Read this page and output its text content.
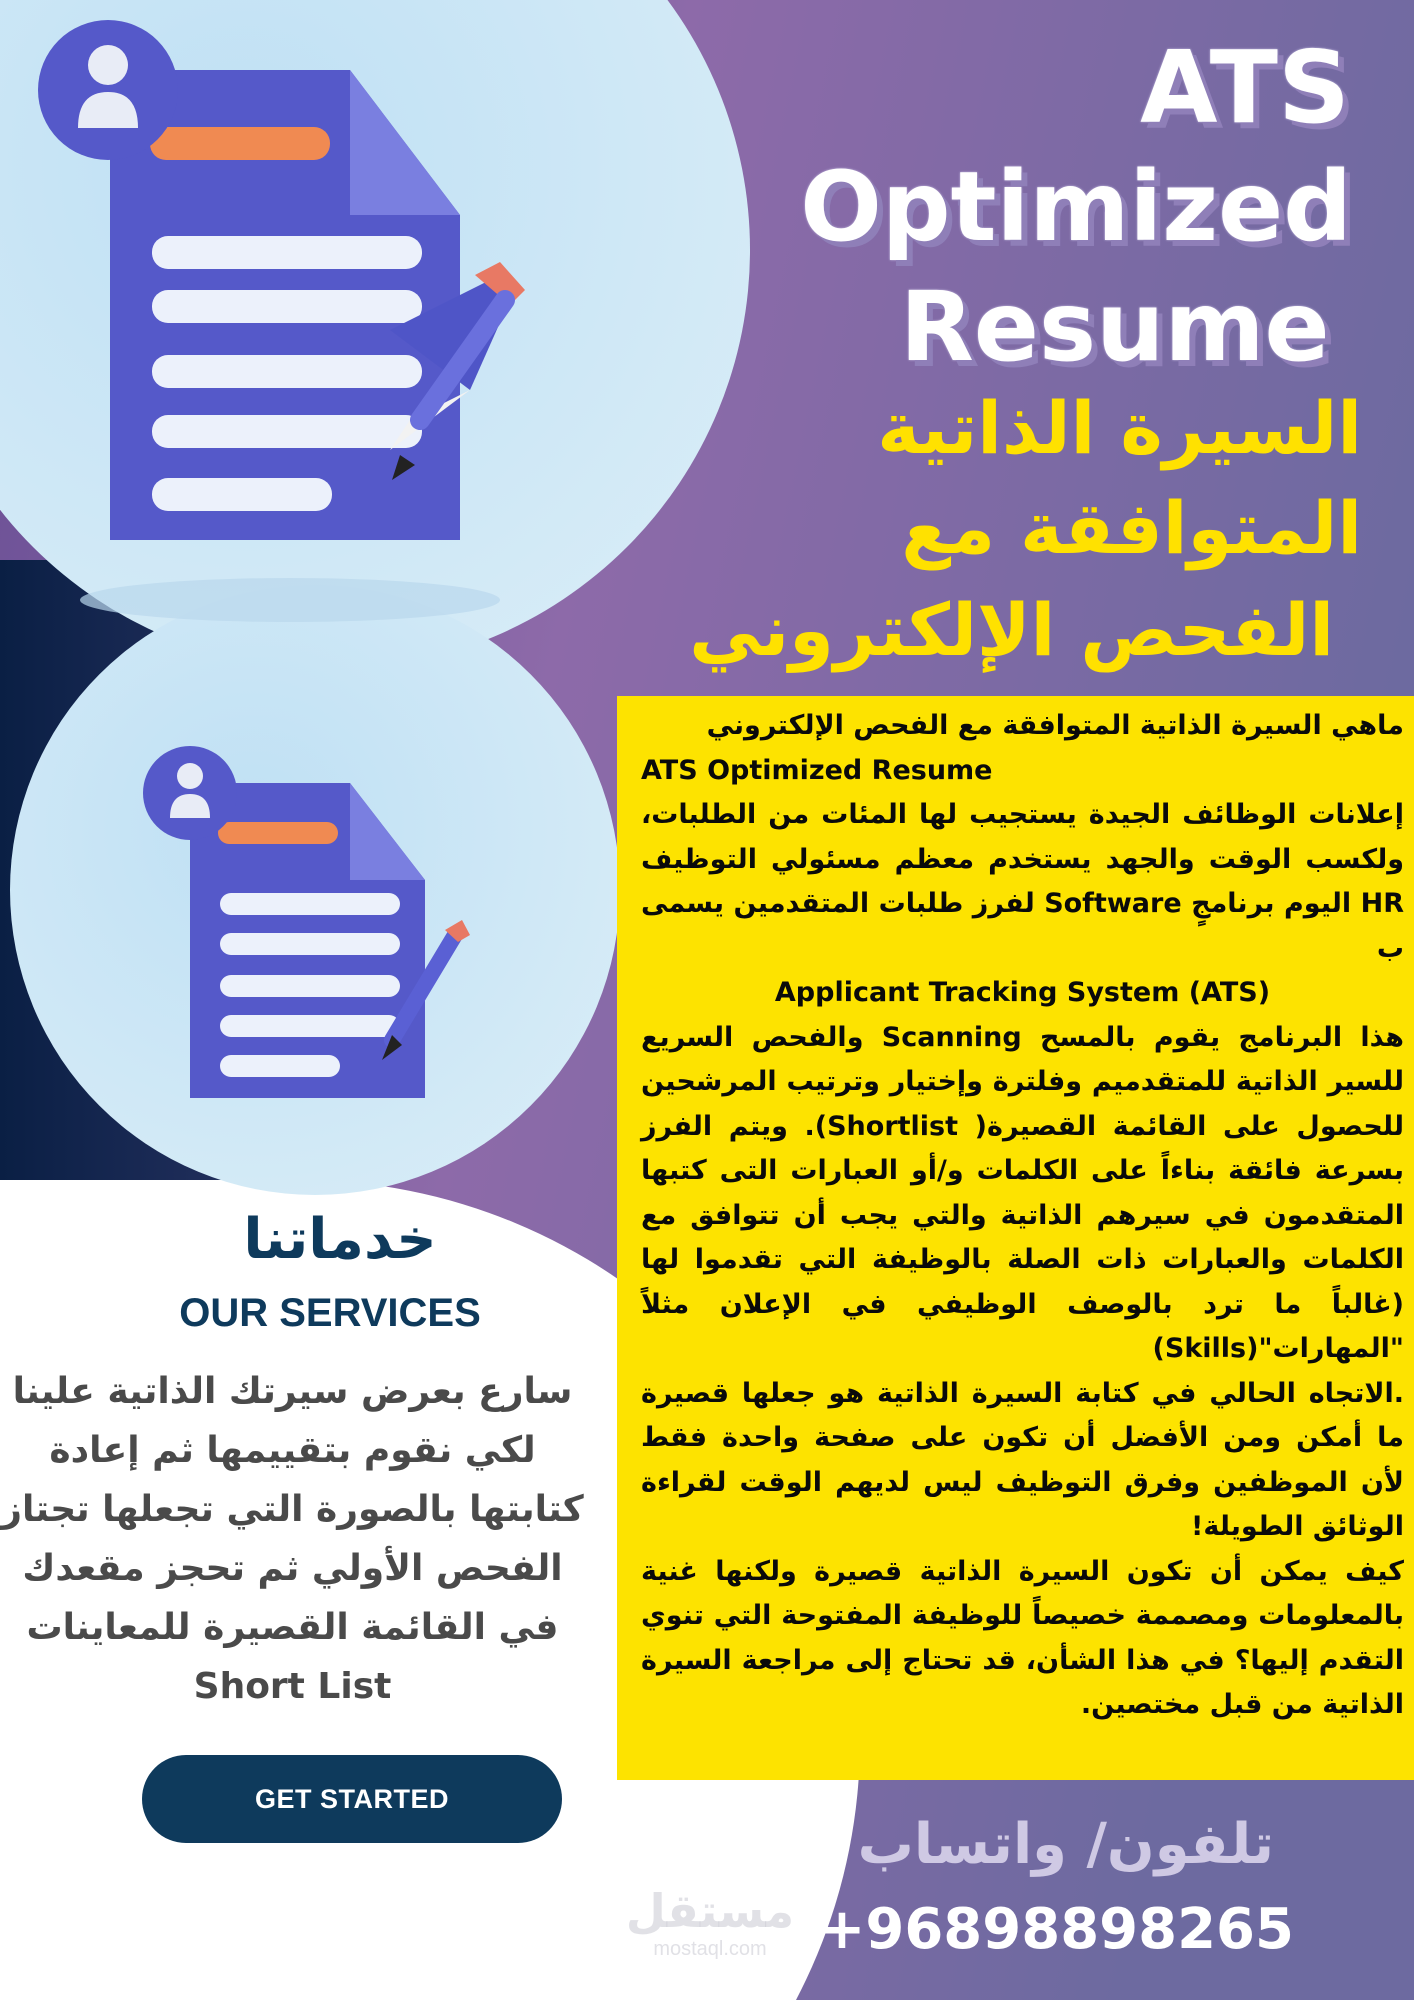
ATS
Optimized
Resume
السيرة الذاتية
المتوافقة مع
الفحص الإلكتروني

ماهي السيرة الذاتية المتوافقة مع الفحص الإلكتروني

ATS Optimized Resume

إعلانات الوظائف الجيدة يستجيب لها المئات من الطلبات، ولكسب الوقت والجهد يستخدم معظم مسئولي التوظيف HR اليوم برنامجٍ Software لفرز طلبات المتقدمين يسمى ب

Applicant Tracking System (ATS)

هذا البرنامج يقوم بالمسح Scanning والفحص السريع للسير الذاتية للمتقدميم وفلترة وإختيار وترتيب المرشحين للحصول على القائمة القصيرة( Shortlist). ويتم الفرز بسرعة فائقة بناءاً على الكلمات و/أو العبارات التى كتبها المتقدمون في سيرهم الذاتية والتي يجب أن تتوافق مع الكلمات والعبارات ذات الصلة بالوظيفة التي تقدموا لها (غالباً ما ترد بالوصف الوظيفي في الإعلان مثلاً "المهارات"(Skills)

.الاتجاه الحالي في كتابة السيرة الذاتية هو جعلها قصيرة ما أمكن ومن الأفضل أن تكون على صفحة واحدة فقط لأن الموظفين وفرق التوظيف ليس لديهم الوقت لقراءة الوثائق الطويلة!

كيف يمكن أن تكون السيرة الذاتية قصيرة ولكنها غنية بالمعلومات ومصممة خصيصاً للوظيفة المفتوحة التي تنوي التقدم إليها؟ في هذا الشأن، قد تحتاج إلى مراجعة السيرة الذاتية من قبل مختصين.

خدماتنا
OUR SERVICES
سارع بعرض سيرتك الذاتية علينا
لكي نقوم بتقييمها ثم إعادة
كتابتها بالصورة التي تجعلها تجتاز
الفحص الأولي ثم تحجز مقعدك
في القائمة القصيرة للمعاينات
Short List
GET STARTED
تلفون/ واتساب
+96898898265
مستقل
mostaql.com
